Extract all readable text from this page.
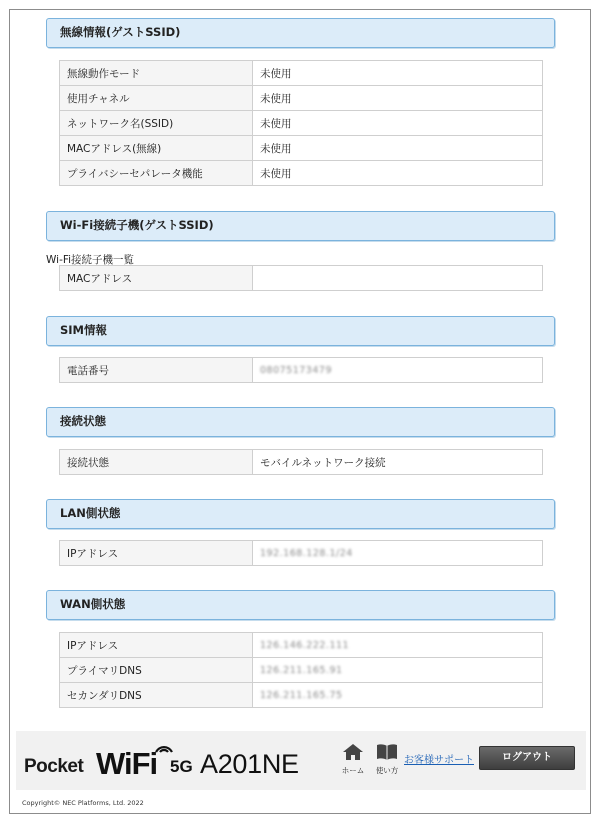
無線情報(ゲストSSID)
無線動作モード	未使用
使用チャネル	未使用
ネットワーク名(SSID)	未使用
MACアドレス(無線)	未使用
プライバシーセパレータ機能	未使用
Wi-Fi接続子機(ゲストSSID)
Wi-Fi接続子機一覧
MACアドレス	
SIM情報
電話番号	08075173479
接続状態
接続状態	モバイルネットワーク接続
LAN側状態
IPアドレス	192.168.128.1/24
WAN側状態
IPアドレス	126.146.222.111
プライマリDNS	126.211.165.91
セカンダリDNS	126.211.165.75
Pocket WiFi 5G A201NE	ホーム	使い方
お客様サポート	ログアウト
Copyright© NEC Platforms, Ltd. 2022
